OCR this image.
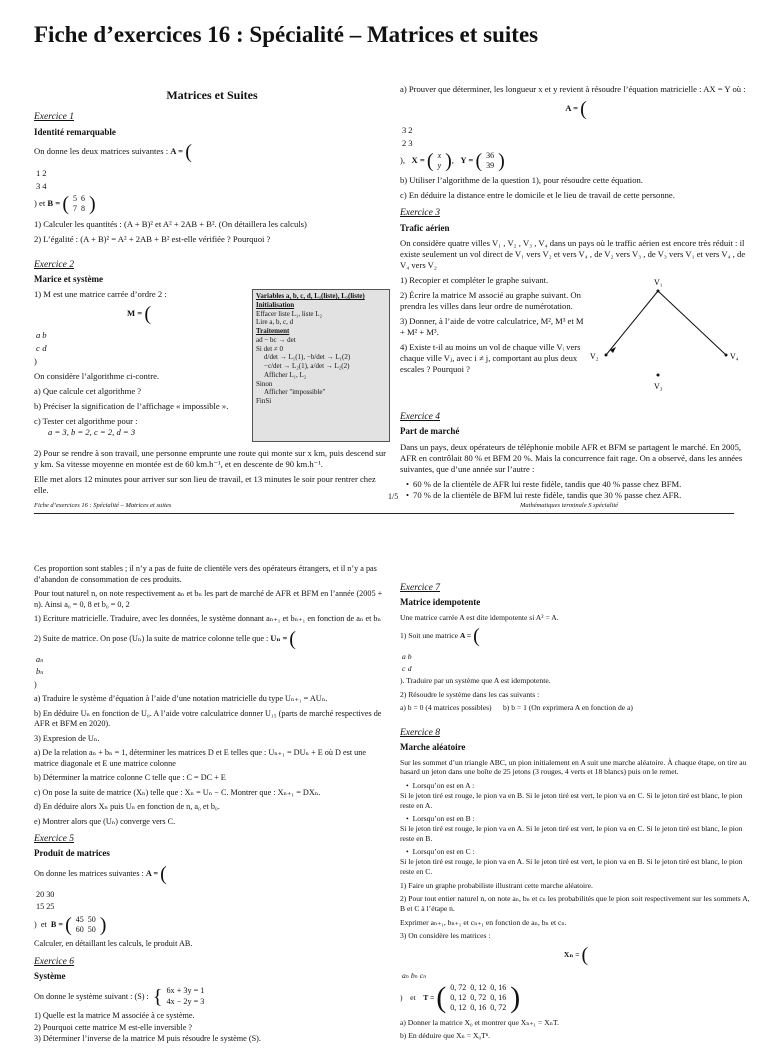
Fiche d’exercices 16 : Spécialité – Matrices et suites
Matrices et Suites
Exercice 1
Identité remarquable

On donne les deux matrices suivantes : A = (

1	2
3	4
) et B = ( 5	6
7	8 )

1) Calculer les quantités : (A + B)² et A² + 2AB + B². (On détaillera les calculs)

2) L’égalité : (A + B)² = A² + 2AB + B² est-elle vérifiée ? Pourquoi ?

Exercice 2
Marice et système

1) M est une matrice carrée d’ordre 2 :

M = (

a	b
c	d
)

On considère l’algorithme ci-contre.

a) Que calcule cet algorithme ?

b) Préciser la signification de l’affichage « impossible ».

c) Tester cet algorithme pour :
a = 3, b = 2, c = 2, d = 3

Variables a, b, c, d, L₁(liste), L₂(liste)
Initialisation
Effacer liste L₁, liste L₂
Lire a, b, c, d
Traitement
ad − bc → det
Si det ≠ 0
d/det → L₁(1), −b/det → L₁(2)
−c/det → L₂(1), a/det → L₂(2)
Afficher L₁, L₂
Sinon
Afficher "impossible"
FinSi

2) Pour se rendre à son travail, une personne emprunte une route qui monte sur x km, puis descend sur y km. Sa vitesse moyenne en montée est de 60 km.h⁻¹, et en descente de 90 km.h⁻¹.

Elle met alors 12 minutes pour arriver sur son lieu de travail, et 13 minutes le soir pour rentrer chez elle.

a) Prouver que déterminer, les longueur x et y revient à résoudre l’équation matricielle : AX = Y où :

A = (

3	2
2	3
),   X = ( x
y ) ,   Y = ( 36
39 )

b) Utiliser l’algorithme de la question 1), pour résoudre cette équation.

c) En déduire la distance entre le domicile et le lieu de travail de cette personne.

Exercice 3
Trafic aérien

On considère quatre villes V₁ , V₂ , V₃ , V₄ dans un pays où le traffic aérien est encore très réduit : il existe seulement un vol direct de V₁ vers V₂ et vers V₄ , de V₂ vers V₃ , de V₃ vers V₁ et vers V₄ , de V₄ vers V₂

1) Recopier et compléter le graphe suivant.

2) Écrire la matrice M associé au graphe suivant. On prendra les villes dans leur ordre de numérotation.

3) Donner, à l’aide de votre calculatrice, M², M³ et M + M² + M³.

4) Existe t-il au moins un vol de chaque ville Vᵢ vers chaque ville Vⱼ, avec i ≠ j, comportant au plus deux escales ? Pourquoi ?

V₁
V₂
V₃
V₄
Exercice 4
Part de marché

Dans un pays, deux opérateurs de téléphonie mobile AFR et BFM se partagent le marché. En 2005, AFR en contrôlait 80 % et BFM 20 %. Mais la concurrence fait rage. On a observé, dans les années suivantes, que d’une année sur l’autre :

• 60 % de la clientèle de AFR lui reste fidèle, tandis que 40 % passe chez BFM.
• 70 % de la clientèle de BFM lui reste fidèle, tandis que 30 % passe chez AFR.
1/5
Fiche d’exercices 16 : Spécialité – Matrices et suites	Mathématiques terminale S spécialité

Ces proportion sont stables ; il n’y a pas de fuite de clientèle vers des opérateurs étrangers, et il n’y a pas d’abandon de consommation de ces produits.

Pour tout naturel n, on note respectivement aₙ et bₙ les part de marché de AFR et BFM en l’année (2005 + n). Ainsi a₀ = 0, 8 et b₀ = 0, 2

1) Ecriture matricielle. Traduire, avec les données, le système donnant aₙ₊₁ et bₙ₊₁ en fonction de aₙ et bₙ

2) Suite de matrice. On pose (Uₙ) la suite de matrice colonne telle que : Uₙ = (

aₙ
bₙ
)

a) Traduire le système d’équation à l’aide d’une notation matricielle du type Uₙ₊₁ = AUₙ.

b) En déduire Uₙ en fonction de U₀. A l’aide votre calculatrice donner U₁₅ (parts de marché respectives de AFR et BFM en 2020).

3) Expresion de Uₙ.

a) De la relation aₙ + bₙ = 1, déterminer les matrices D et E telles que : Uₙ₊₁ = DUₙ + E où D est une matrice diagonale et E une matrice colonne

b) Déterminer la matrice colonne C telle que : C = DC + E

c) On pose la suite de matrice (Xₙ) telle que : Xₙ = Uₙ − C. Montrer que : Xₙ₊₁ = DXₙ.

d) En déduire alors Xₙ puis Uₙ en fonction de n, a₀ et b₀.

e) Montrer alors que (Uₙ) converge vers C.

Exercice 5
Produit de matrices

On donne les matrices suivantes : A = (

20	30
15	25
) et B = ( 45	50
60	50 )

Calculer, en détaillant les calculs, le produit AB.

Exercice 6
Système

On donne le système suivant : (S) : { 6x + 3y = 1
4x − 2y = 3

1) Quelle est la matrice M associée à ce système.

2) Pourquoi cette matrice M est-elle inversible ?

3) Déterminer l’inverse de la matrice M puis résoudre le système (S).

Exercice 7
Matrice idempotente

Une matrice carrée A est dite idempotente si A² = A.

1) Soit une matrice A = (

a	b
c	d
). Traduire par un système que A est idempotente.

2) Résoudre le système dans les cas suivants :

a) b = 0 (4 matrices possibles) b) b = 1 (On exprimera A en fonction de a)

Exercice 8
Marche aléatoire

Sur les sommet d’un triangle ABC, un pion initialement en A suit une marche aléatoire. À chaque étape, on tire au hasard un jeton dans une boîte de 25 jetons (3 rouges, 4 verts et 18 blancs) puis on le remet.

• Lorsqu’on est en A :

Si le jeton tiré est rouge, le pion va en B. Si le jeton tiré est vert, le pion va en C. Si le jeton tiré est blanc, le pion reste en A.

• Lorsqu’on est en B :

Si le jeton tiré est rouge, le pion va en A. Si le jeton tiré est vert, le pion va en C. Si le jeton tiré est blanc, le pion reste en B.

• Lorsqu’on est en C :

Si le jeton tiré est rouge, le pion va en A. Si le jeton tiré est vert, le pion va en B. Si le jeton tiré est blanc, le pion reste en C.

1) Faire un graphe probabiliste illustrant cette marche aléatoire.

2) Pour tout entier naturel n, on note aₙ, bₙ et cₙ les probabilités que le pion soit respectivement sur les sommets A, B et C à l’étape n.

Exprimer aₙ₊₁, bₙ₊₁ et cₙ₊₁ en fonction de aₙ, bₙ et cₙ.

3) On considère les matrices :

Xₙ = (

aₙ	bₙ	cₙ
) et T = ( 0, 72	0, 12	0, 16
0, 12	0, 72	0, 16
0, 12	0, 16	0, 72 )

a) Donner la matrice X₀ et montrer que Xₙ₊₁ = XₙT.

b) En déduire que Xₙ = X₀Tⁿ.
